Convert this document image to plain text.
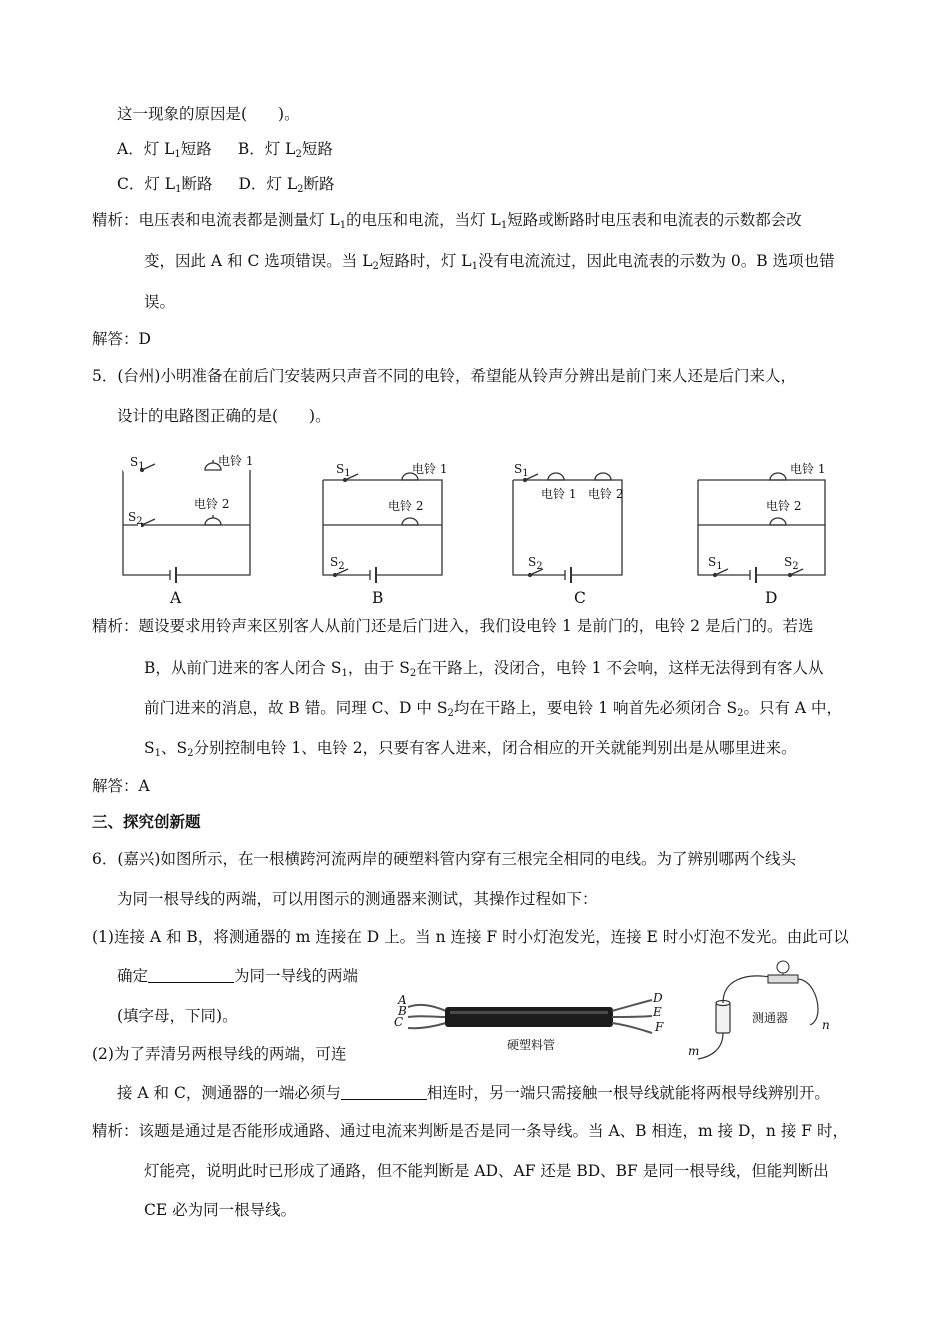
这一现象的原因是(　　)。
A．灯 $L_1$短路 B．灯 $L_2$短路
C．灯 $L_1$断路 D．灯 $L_2$断路
精析：电压表和电流表都是测量灯 $L_1$的电压和电流，当灯 $L_1$短路或断路时电压表和电流表的示数都会改
变，因此 A 和 C 选项错误。当 $L_2$短路时，灯 $L_1$没有电流流过，因此电流表的示数为 0。B 选项也错
误。
解答：D
5．(台州)小明准备在前后门安装两只声音不同的电铃，希望能从铃声分辨出是前门来人还是后门来人，
设计的电路图正确的是(　　)。
$S_1$	电铃 1
电铃 2
$S_2$
A
$S_1$	电铃 1
电铃 2
$S_2$
B
$S_1$
电铃 1 电铃 2
$S_2$
C
电铃 1
电铃 2
$S_1$	$S_2$
D
精析：题设要求用铃声来区别客人从前门还是后门进入，我们设电铃 1 是前门的，电铃 2 是后门的。若选
B，从前门进来的客人闭合 $S_1$，由于 $S_2$在干路上，没闭合，电铃 1 不会响，这样无法得到有客人从
前门进来的消息，故 B 错。同理 C、D 中 $S_2$均在干路上，要电铃 1 响首先必须闭合 $S_2$。只有 A 中，
$S_1$、$S_2$分别控制电铃 1、电铃 2，只要有客人进来，闭合相应的开关就能判别出是从哪里进来。
解答：A
三、探究创新题
6．(嘉兴)如图所示，在一根横跨河流两岸的硬塑料管内穿有三根完全相同的电线。为了辨别哪两个线头
为同一根导线的两端，可以用图示的测通器来测试，其操作过程如下：
(1)连接 A 和 B，将测通器的 m 连接在 D 上。当 n 连接 F 时小灯泡发光，连接 E 时小灯泡不发光。由此可以
确定	为同一导线的两端
(填字母，下同)。
(2)为了弄清另两根导线的两端，可连
接 A 和 C，测通器的一端必须与	相连时，另一端只需接触一根导线就能将两根导线辨别开。
A
B
C
D
E
F
硬塑料管
测通器	n
m
精析：该题是通过是否能形成通路、通过电流来判断是否是同一条导线。当 A、B 相连，m 接 D，n 接 F 时，
灯能亮，说明此时已形成了通路，但不能判断是 AD、AF 还是 BD、BF 是同一根导线，但能判断出
CE 必为同一根导线。
